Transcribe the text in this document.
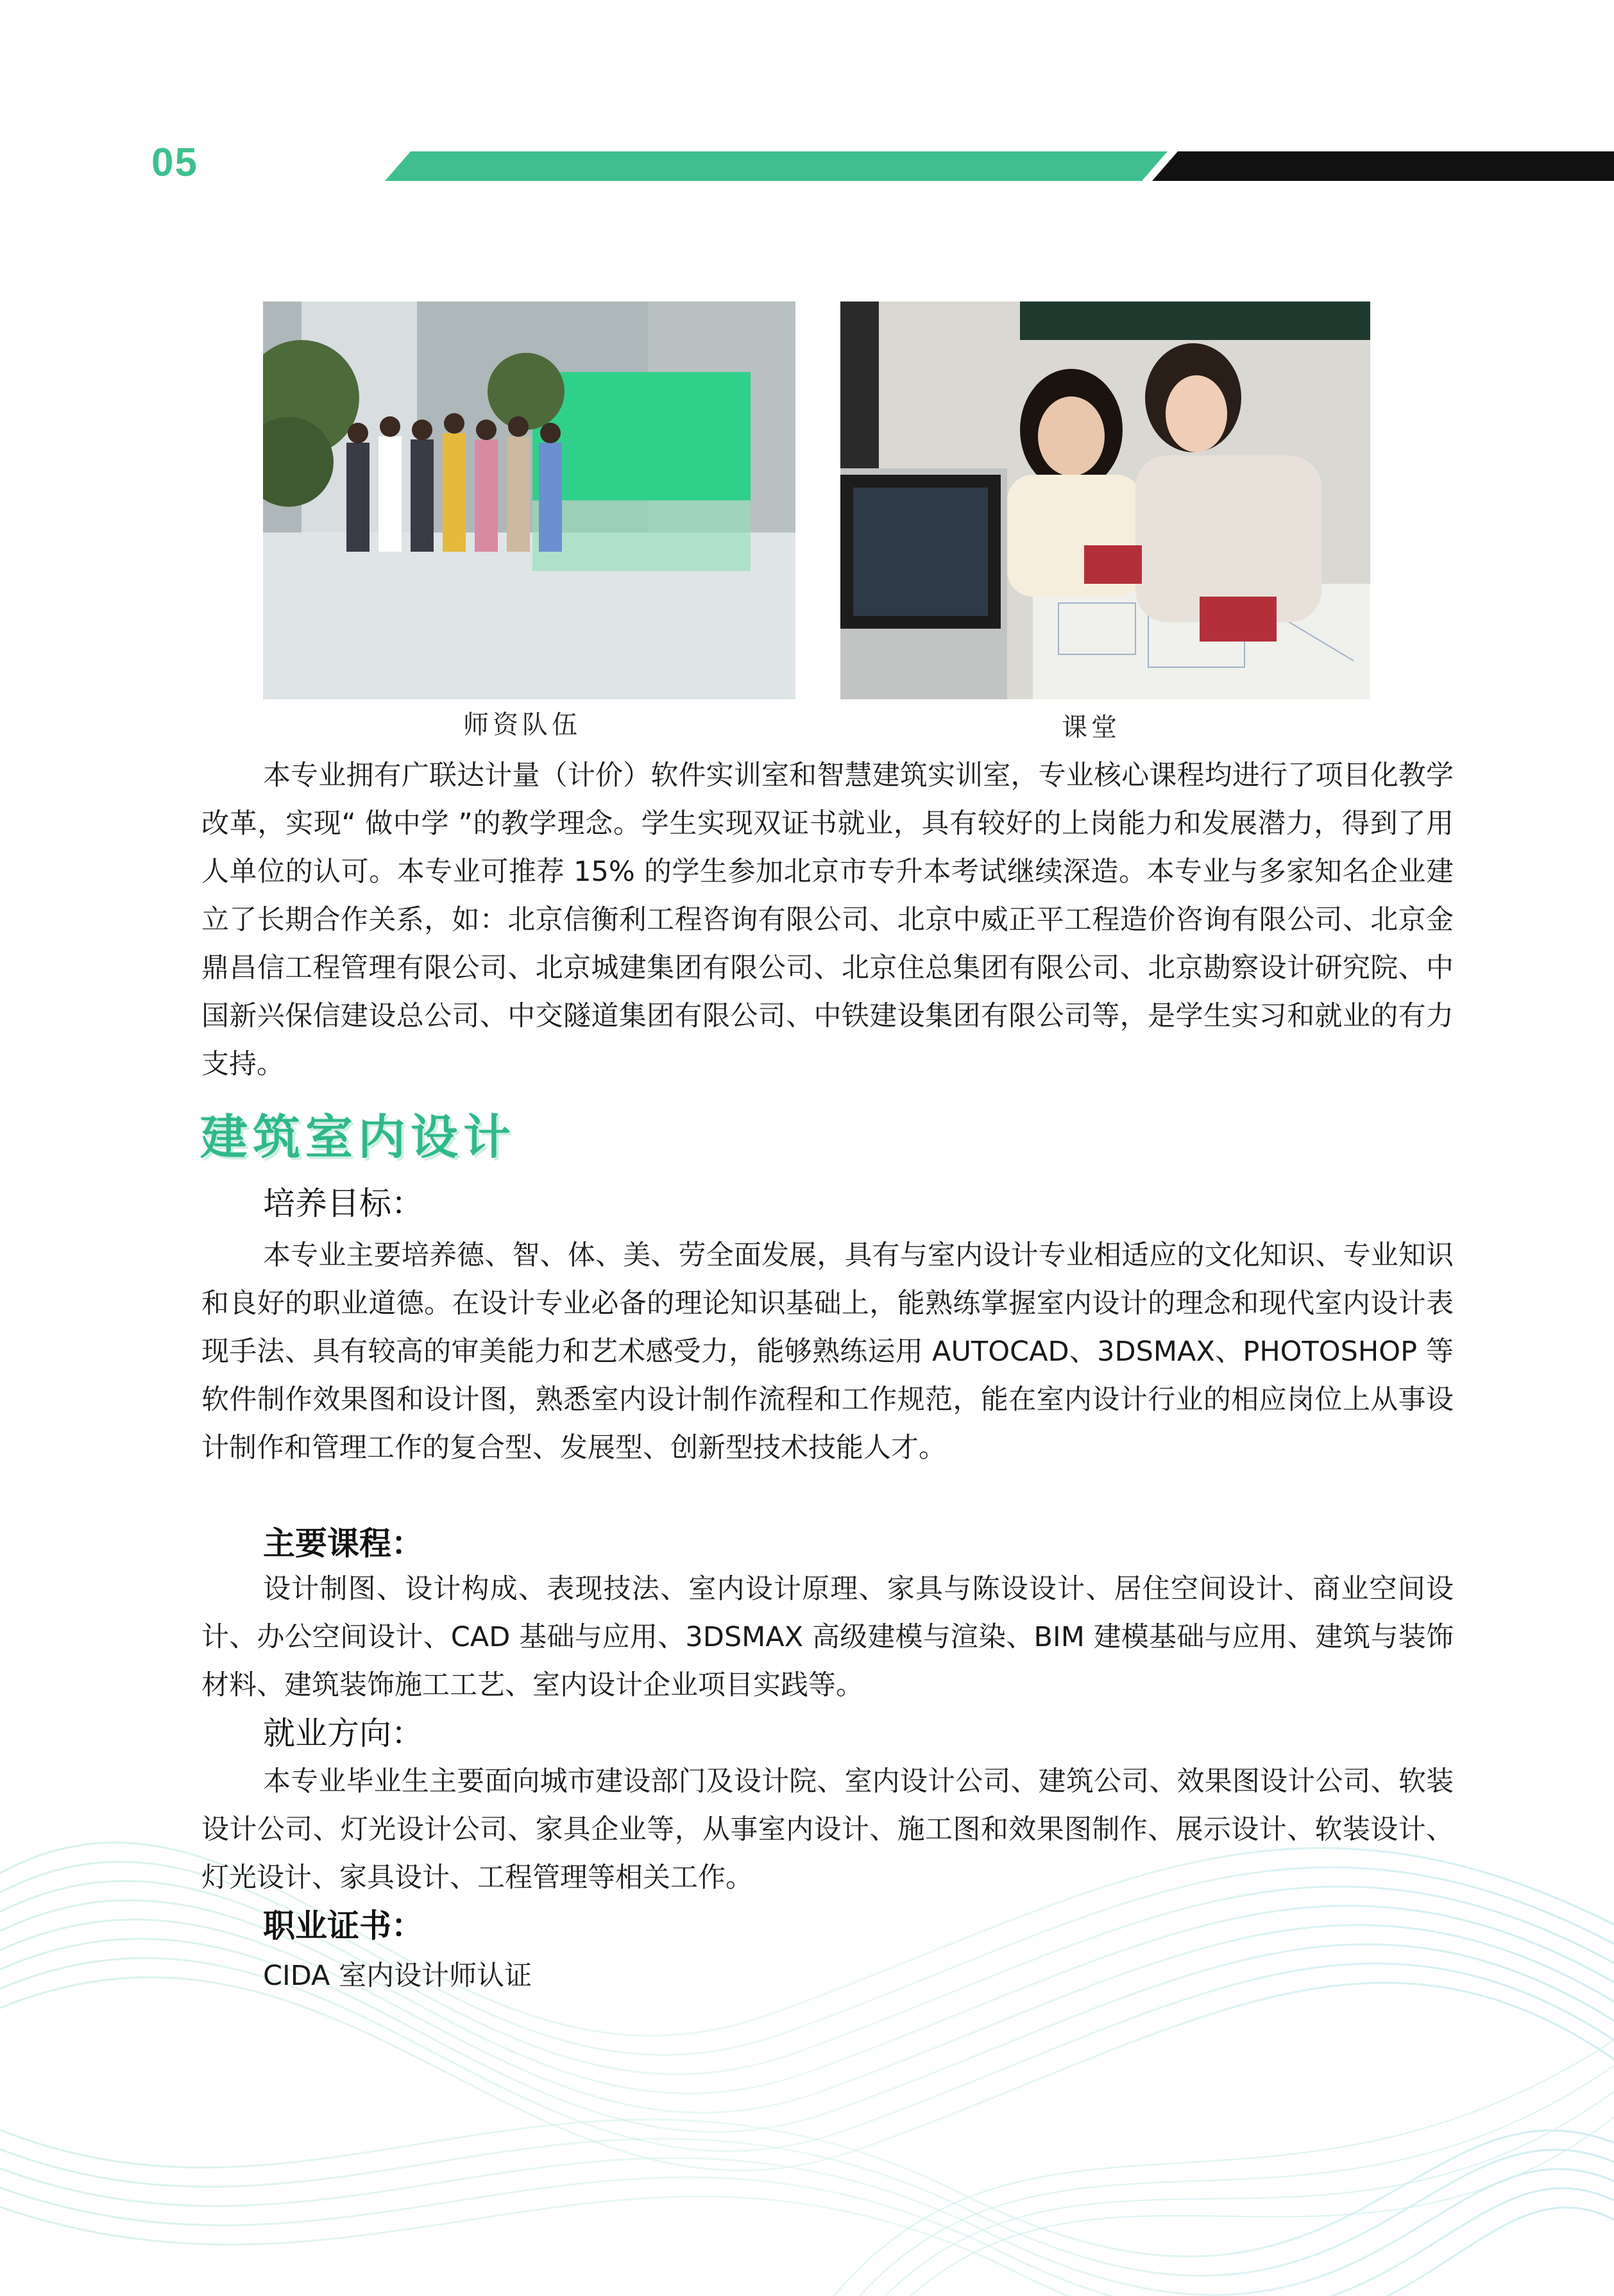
05
师资队伍	课堂

本专业拥有广联达计量（计价）软件实训室和智慧建筑实训室，专业核心课程均进行了项目化教学改革，实现“ 做中学 ”的教学理念。学生实现双证书就业，具有较好的上岗能力和发展潜力，得到了用人单位的认可。本专业可推荐 15% 的学生参加北京市专升本考试继续深造。本专业与多家知名企业建立了长期合作关系，如：北京信衡利工程咨询有限公司、北京中威正平工程造价咨询有限公司、北京金鼎昌信工程管理有限公司、北京城建集团有限公司、北京住总集团有限公司、北京勘察设计研究院、中国新兴保信建设总公司、中交隧道集团有限公司、中铁建设集团有限公司等，是学生实习和就业的有力支持。

建筑室内设计
培养目标：

本专业主要培养德、智、体、美、劳全面发展，具有与室内设计专业相适应的文化知识、专业知识和良好的职业道德。在设计专业必备的理论知识基础上，能熟练掌握室内设计的理念和现代室内设计表现手法、具有较高的审美能力和艺术感受力，能够熟练运用 AUTOCAD、3DSMAX、PHOTOSHOP 等软件制作效果图和设计图，熟悉室内设计制作流程和工作规范，能在室内设计行业的相应岗位上从事设计制作和管理工作的复合型、发展型、创新型技术技能人才。

主要课程：

设计制图、设计构成、表现技法、室内设计原理、家具与陈设设计、居住空间设计、商业空间设计、办公空间设计、CAD 基础与应用、3DSMAX 高级建模与渲染、BIM 建模基础与应用、建筑与装饰材料、建筑装饰施工工艺、室内设计企业项目实践等。

就业方向：

本专业毕业生主要面向城市建设部门及设计院、室内设计公司、建筑公司、效果图设计公司、软装设计公司、灯光设计公司、家具企业等，从事室内设计、施工图和效果图制作、展示设计、软装设计、灯光设计、家具设计、工程管理等相关工作。

职业证书：
CIDA 室内设计师认证
